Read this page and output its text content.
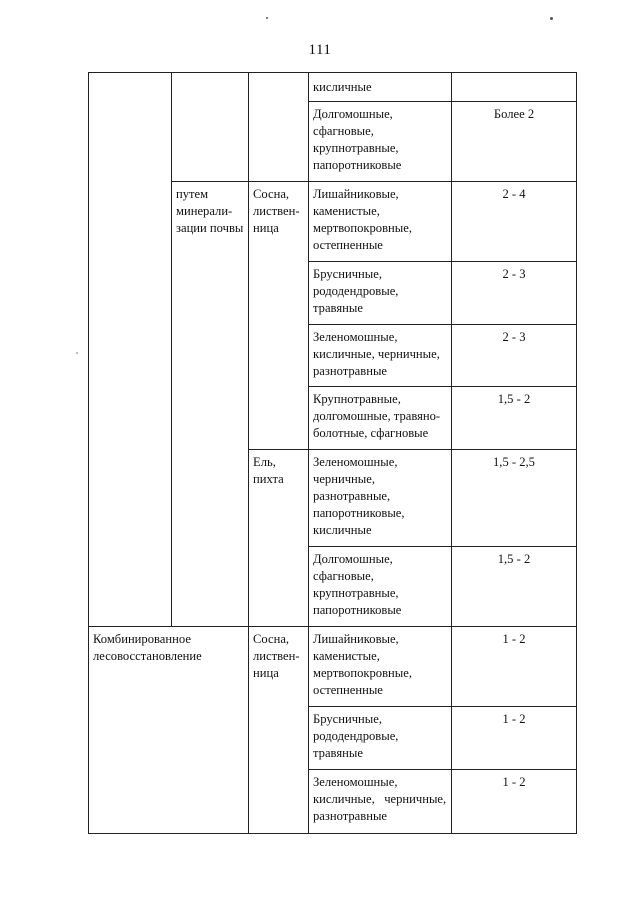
111

			кисличные	

			Долгомошные,
сфагновые,
крупнотравные,
папоротниковые	Более 2

	путем
минерали-
зации почвы	Сосна,
листвен-
ница	Лишайниковые,
каменистые,
мертвопокровные,
остепненные	2 - 4

			Брусничные,
рододендровые,
травяные	2 - 3

			Зеленомошные,
кисличные, черничные,
разнотравные	2 - 3

			Крупнотравные,
долгомошные, травяно-
болотные, сфагновые	1,5 - 2

		Ель,
пихта	Зеленомошные,
черничные,
разнотравные,
папоротниковые,
кисличные	1,5 - 2,5

			Долгомошные,
сфагновые,
крупнотравные,
папоротниковые	1,5 - 2

Комбинированное
лесовосстановление		Сосна,
листвен-
ница	Лишайниковые,
каменистые,
мертвопокровные,
остепненные	1 - 2

			Брусничные,
рододендровые,
травяные	1 - 2

			Зеленомошные,
кисличные,   черничные,
разнотравные	1 - 2
